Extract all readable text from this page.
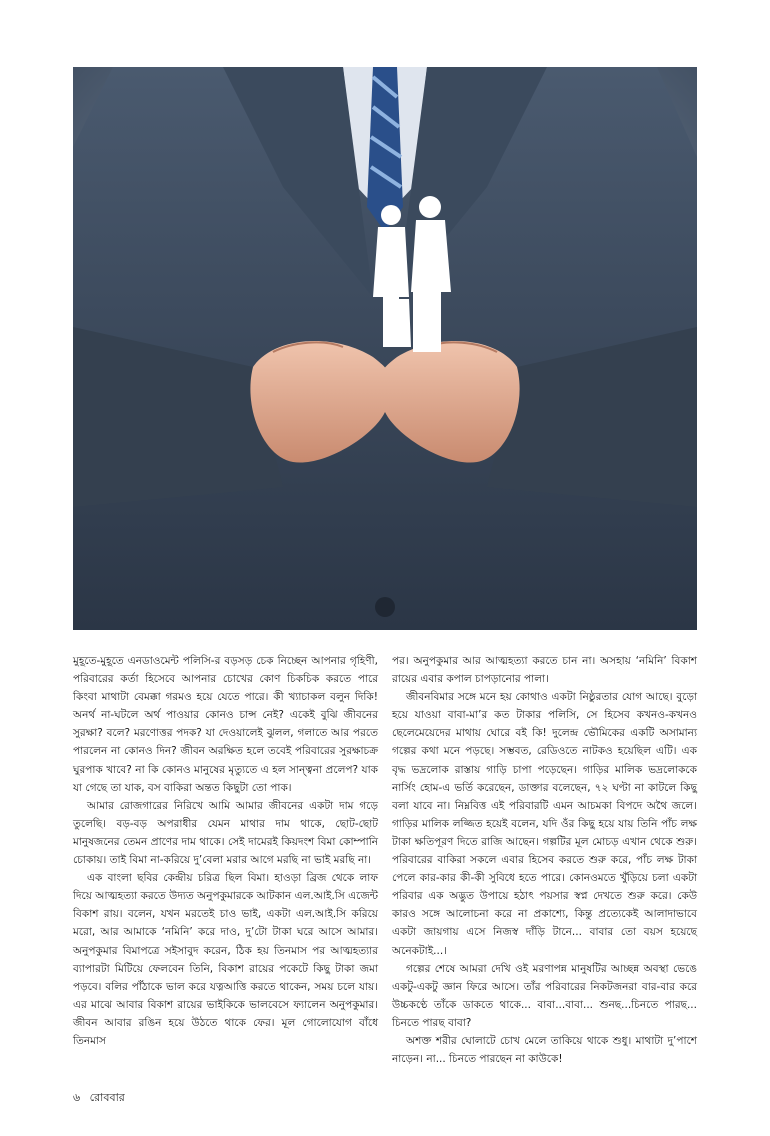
মুহূতে-মুহূতে এনডাওমেন্ট পলিসি-র বড়সড় চেক নিচ্ছেন আপনার গৃহিণী, পরিবারের কর্তা হিসেবে আপনার চোখের কোণ চিকচিক করতে পারে কিংবা মাথাটা বেমক্কা গরমও হয়ে যেতে পারে। কী খ্যাচাকল বলুন দিকি! অনর্থ না-ঘটলে অর্থ পাওয়ার কোনও চান্স নেই? একেই বুঝি জীবনের সুরক্ষা? বলে? মরণোত্তর পদক? যা দেওয়ালেই ঝুলল, গলাতে আর পরতে পারলেন না কোনও দিন? জীবন অরক্ষিত হলে তবেই পরিবারের সুরক্ষাচক্র ঘুরপাক খাবে? না কি কোনও মানুষের মৃত্যুতে এ হল সান্ত্বনা প্রলেপ? যাক যা গেছে তা যাক, বস বাকিরা অন্তত কিছুটা তো পাক।

আমার রোজগারের নিরিখে আমি আমার জীবনের একটা দাম গড়ে তুলেছি। বড়-বড় অপরাধীর যেমন মাথার দাম থাকে, ছোট-ছোট মানুষজনের তেমন প্রাণের দাম থাকে। সেই দামেরই কিয়দংশ বিমা কোম্পানি চোকায়। তাই বিমা না-করিয়ে দু’বেলা মরার আগে মরছি না ভাই মরছি না।

এক বাংলা ছবির কেন্দ্রীয় চরিত্র ছিল বিমা। হাওড়া ব্রিজ থেকে লাফ দিয়ে আত্মহত্যা করতে উদ্যত অনুপকুমারকে আটকান এল.আই.সি এজেন্ট বিকাশ রায়। বলেন, যখন মরতেই চাও ভাই, একটা এল.আই.সি করিয়ে মরো, আর আমাকে ‘নমিনি’ করে দাও, দু’টো টাকা ঘরে আসে আমার। অনুপকুমার বিমাপত্রে সইসাবুদ করেন, ঠিক হয় তিনমাস পর আত্মহত্যার ব্যাপারটা মিটিয়ে ফেলবেন তিনি, বিকাশ রায়ের পকেটে কিছু টাকা জমা পড়বে। বলির পাঁঠাকে ভাল করে যত্নআত্তি করতে থাকেন, সময় চলে যায়। এর মাঝে আবার বিকাশ রায়ের ভাইকিকে ভালবেসে ফ্যালেন অনুপকুমার। জীবন আবার রঙিন হয়ে উঠতে থাকে ফের। মূল গোলোযোগ বাঁধে তিনমাস

পর। অনুপকুমার আর আত্মহত্যা করতে চান না। অসহায় ‘নমিনি’ বিকাশ রায়ের এবার কপাল চাপড়ানোর পালা।

জীবনবিমার সঙ্গে মনে হয় কোথাও একটা নিষ্ঠুরতার যোগ আছে। বুড়ো হয়ে যাওয়া বাবা-মা’র কত টাকার পলিসি, সে হিসেব কখনও-কখনও ছেলেমেয়েদের মাথায় ঘোরে বই কি! দুলেন্দ্র ভৌমিকের একটি অসামান্য গল্পের কথা মনে পড়ছে। সম্ভবত, রেডিওতে নাটকও হয়েছিল এটি। এক বৃদ্ধ ভদ্রলোক রাস্তায় গাড়ি চাপা পড়েছেন। গাড়ির মালিক ভদ্রলোককে নার্সিং হোম-এ ভর্তি করেছেন, ডাক্তার বলেছেন, ৭২ ঘণ্টা না কাটলে কিছু বলা যাবে না। নিম্নবিত্ত এই পরিবারটি এমন আচমকা বিপদে অথৈ জলে। গাড়ির মালিক লজ্জিত হয়েই বলেন, যদি ওঁর কিছু হয়ে যায় তিনি পাঁচ লক্ষ টাকা ক্ষতিপূরণ দিতে রাজি আছেন। গল্পটির মূল মোচড় এখান থেকে শুরু। পরিবারের বাকিরা সকলে এবার হিসেব করতে শুরু করে, পাঁচ লক্ষ টাকা পেলে কার-কার কী-কী সুবিধে হতে পারে। কোনওমতে খুঁড়িয়ে চলা একটা পরিবার এক অদ্ভুত উপায়ে হঠাৎ পয়সার স্বপ্ন দেখতে শুরু করে। কেউ কারও সঙ্গে আলোচনা করে না প্রকাশ্যে, কিন্তু প্রত্যেকেই আলাদাভাবে একটা জায়গায় এসে নিজস্ব দাঁড়ি টানে... বাবার তো বয়স হয়েছে অনেকটাই...।

গল্পের শেষে আমরা দেখি ওই মরণাপন্ন মানুষটির আচ্ছন্ন অবস্থা ভেঙে একটু-একটু জ্ঞান ফিরে আসে। তাঁর পরিবারের নিকটজনরা বার-বার করে উচ্চকণ্ঠে তাঁকে ডাকতে থাকে... বাবা...বাবা... শুনছ...চিনতে পারছ... চিনতে পারছ বাবা?

অশক্ত শরীর ঘোলাটে চোখ মেলে তাকিয়ে থাকে শুধু। মাথাটা দু’পাশে নাড়েন। না... চিনতে পারছেন না কাউকে!

৬ রোববার
